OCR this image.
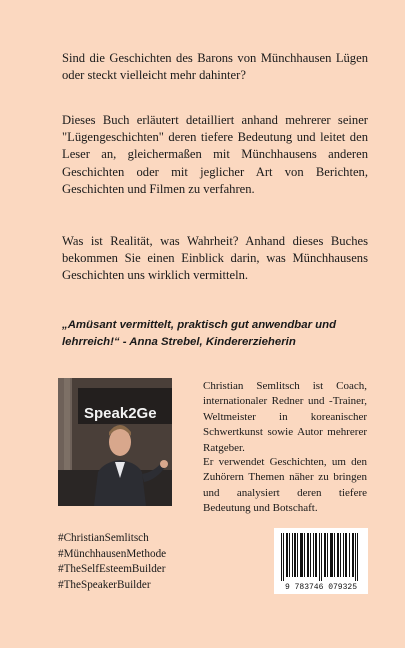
Sind die Geschichten des Barons von Münchhausen Lügen oder steckt vielleicht mehr dahinter?

Dieses Buch erläutert detailliert anhand mehrerer seiner "Lügengeschichten" deren tiefere Bedeutung und leitet den Leser an, gleichermaßen mit Münchhausens anderen Geschichten oder mit jeglicher Art von Berichten, Geschichten und Filmen zu verfahren.

Was ist Realität, was Wahrheit? Anhand dieses Buches bekommen Sie einen Einblick darin, was Münchhausens Geschichten uns wirklich vermitteln.

„Amüsant vermittelt, praktisch gut anwendbar und lehrreich!“ - Anna Strebel, Kindererzieherin

Speak2Ge

Christian Semlitsch ist Coach, internationaler Redner und -Trainer, Weltmeister in koreanischer Schwertkunst sowie Autor mehrerer Ratgeber.

Er verwendet Geschichten, um den Zuhörern Themen näher zu bringen und analysiert deren tiefere Bedeutung und Botschaft.

#ChristianSemlitsch
#MünchhausenMethode
#TheSelfEsteemBuilder
#TheSpeakerBuilder	9 783746 079325
